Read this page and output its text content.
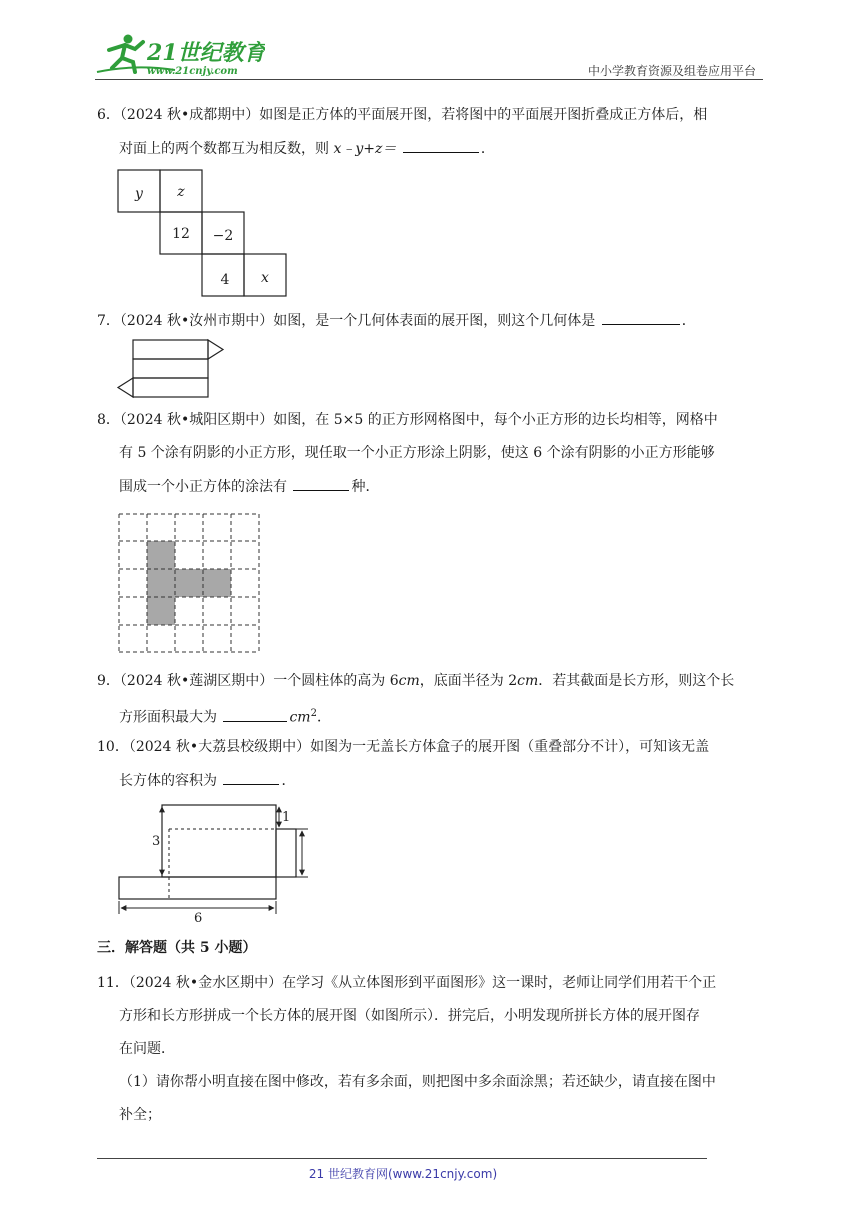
21世纪教育
www.21cnjy.com	中小学教育资源及组卷应用平台
6．（2024 秋•成都期中）如图是正方体的平面展开图，若将图中的平面展开图折叠成正方体后，相
对面上的两个数都互为相反数，则 x﹣y+z＝	．
y z
12 −2
4 x
7．（2024 秋•汝州市期中）如图，是一个几何体表面的展开图，则这个几何体是	．
8．（2024 秋•城阳区期中）如图，在 5×5 的正方形网格图中，每个小正方形的边长均相等，网格中
有 5 个涂有阴影的小正方形，现任取一个小正方形涂上阴影，使这 6 个涂有阴影的小正方形能够
围成一个小正方体的涂法有	种．
9．（2024 秋•莲湖区期中）一个圆柱体的高为 6cm，底面半径为 2cm．若其截面是长方形，则这个长
方形面积最大为	$cm^2$．
10．（2024 秋•大荔县校级期中）如图为一无盖长方体盒子的展开图（重叠部分不计），可知该无盖
长方体的容积为	．
3
1
6
三．解答题（共 5 小题）
11．（2024 秋•金水区期中）在学习《从立体图形到平面图形》这一课时，老师让同学们用若干个正
方形和长方形拼成一个长方体的展开图（如图所示）．拼完后，小明发现所拼长方体的展开图存
在问题．
（1）请你帮小明直接在图中修改，若有多余面，则把图中多余面涂黑；若还缺少，请直接在图中
补全；
21 世纪教育网(www.21cnjy.com)
